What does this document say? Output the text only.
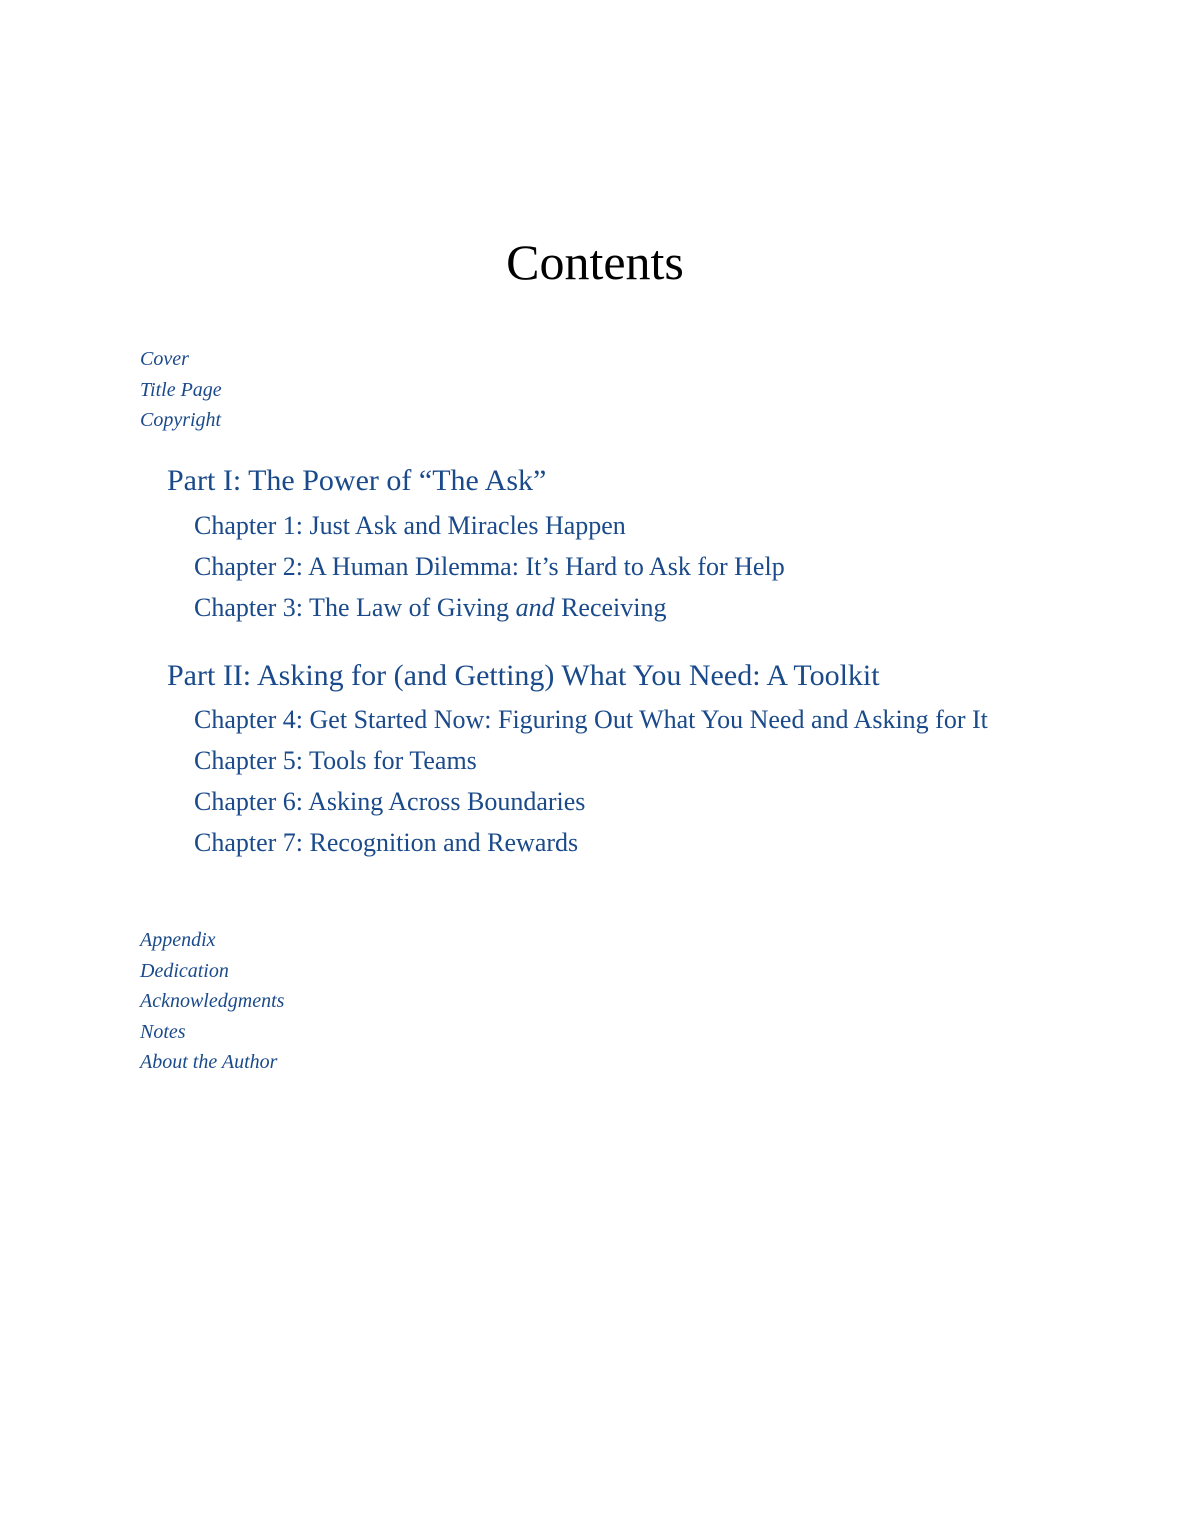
Contents
Cover
Title Page
Copyright
Part I: The Power of “The Ask”
Chapter 1: Just Ask and Miracles Happen
Chapter 2: A Human Dilemma: It’s Hard to Ask for Help
Chapter 3: The Law of Giving and Receiving
Part II: Asking for (and Getting) What You Need: A Toolkit
Chapter 4: Get Started Now: Figuring Out What You Need and Asking for It
Chapter 5: Tools for Teams
Chapter 6: Asking Across Boundaries
Chapter 7: Recognition and Rewards
Appendix
Dedication
Acknowledgments
Notes
About the Author
